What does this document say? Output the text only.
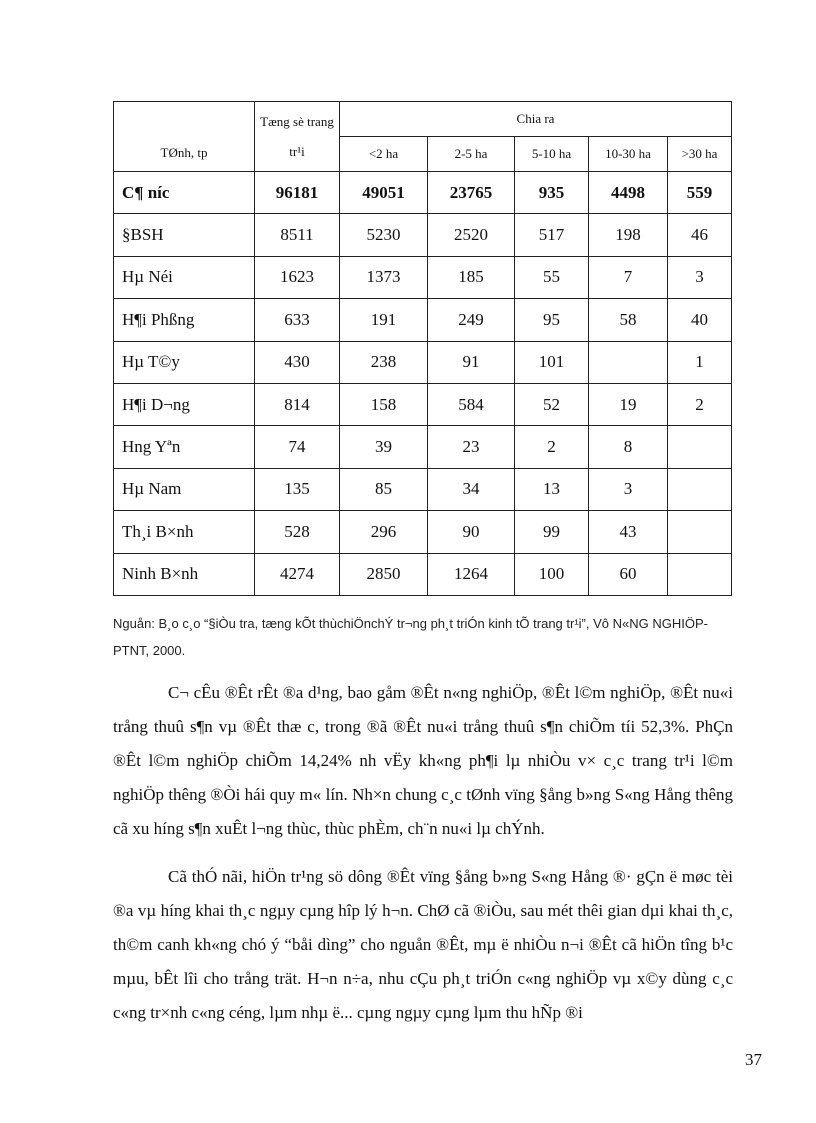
TØnh, tp	Tæng sè trang tr¹i	Chia ra				
		<2 ha	2-5 ha	5-10 ha	10-30 ha	>30 ha
C¶ níc	96181	49051	23765	935	4498	559
§BSH	8511	5230	2520	517	198	46
Hµ Néi	1623	1373	185	55	7	3
H¶i Phßng	633	191	249	95	58	40
Hµ T©y	430	238	91	101		1
H¶i D¬ng	814	158	584	52	19	2
Hng Yªn	74	39	23	2	8	
Hµ Nam	135	85	34	13	3	
Th¸i B×nh	528	296	90	99	43	
Ninh B×nh	4274	2850	1264	100	60	
Nguån: B¸o c¸o “§iÒu tra, tæng kÕt thùchiÖnchÝ tr¬ng ph¸t triÓn kinh tÕ trang tr¹i”, Vô N«NG NGHIÖP-PTNT, 2000.

C¬ cÊu ®Êt rÊt ®a d¹ng, bao gåm ®Êt n«ng nghiÖp, ®Êt l©m nghiÖp, ®Êt nu«i trång thuû s¶n vµ ®Êt thæ c, trong ®ã ®Êt nu«i trång thuû s¶n chiÕm tíi 52,3%. PhÇn ®Êt l©m nghiÖp chiÕm 14,24% nh vËy kh«ng ph¶i lµ nhiÒu v× c¸c trang tr¹i l©m nghiÖp thêng ®Òi hái quy m« lín. Nh×n chung c¸c tØnh vïng §ång b»ng S«ng Hång thêng cã xu híng s¶n xuÊt l¬ng thùc, thùc phÈm, ch¨n nu«i lµ chÝnh.

Cã thÓ nãi, hiÖn tr¹ng sö dông ®Êt vïng §ång b»ng S«ng Hång ®· gÇn ë møc tèi ®a vµ híng khai th¸c ngµy cµng hîp lý h¬n. ChØ cã ®iÒu, sau mét thêi gian dµi khai th¸c, th©m canh kh«ng chó ý “båi dìng” cho nguån ®Êt, mµ ë nhiÒu n¬i ®Êt cã hiÖn tîng b¹c mµu, bÊt lîi cho trång trät. H¬n n÷a, nhu cÇu ph¸t triÓn c«ng nghiÖp vµ x©y dùng c¸c c«ng tr×nh c«ng céng, lµm nhµ ë... cµng ngµy cµng lµm thu hÑp ®i

37
